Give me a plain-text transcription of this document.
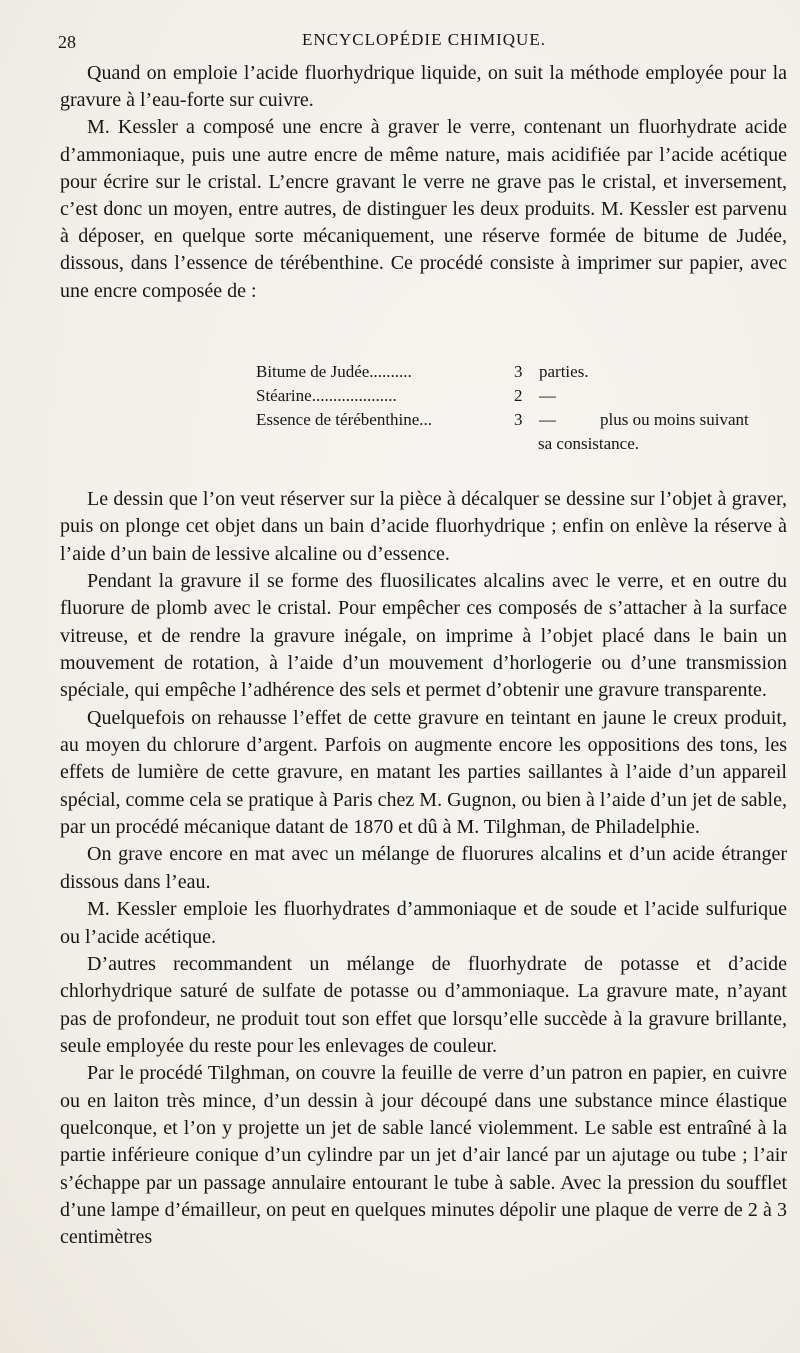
28	ENCYCLOPÉDIE CHIMIQUE.

Quand on emploie l’acide fluorhydrique liquide, on suit la méthode employée pour la gravure à l’eau-forte sur cuivre.

M. Kessler a composé une encre à graver le verre, contenant un fluorhydrate acide d’ammoniaque, puis une autre encre de même nature, mais acidifiée par l’acide acétique pour écrire sur le cristal. L’encre gravant le verre ne grave pas le cristal, et inversement, c’est donc un moyen, entre autres, de distinguer les deux produits. M. Kessler est parvenu à déposer, en quelque sorte mécaniquement, une réserve formée de bitume de Judée, dissous, dans l’essence de térébenthine. Ce procédé consiste à imprimer sur papier, avec une encre composée de :

Bitume de Judée..........	3 parties.
Stéarine....................	2 —
Essence de térébenthine...	3 —	plus ou moins suivant
sa consistance.

Le dessin que l’on veut réserver sur la pièce à décalquer se dessine sur l’objet à graver, puis on plonge cet objet dans un bain d’acide fluorhydrique ; enfin on enlève la réserve à l’aide d’un bain de lessive alcaline ou d’essence.

Pendant la gravure il se forme des fluosilicates alcalins avec le verre, et en outre du fluorure de plomb avec le cristal. Pour empêcher ces composés de s’attacher à la surface vitreuse, et de rendre la gravure inégale, on imprime à l’objet placé dans le bain un mouvement de rotation, à l’aide d’un mouvement d’horlogerie ou d’une transmission spéciale, qui empêche l’adhérence des sels et permet d’obtenir une gravure transparente.

Quelquefois on rehausse l’effet de cette gravure en teintant en jaune le creux produit, au moyen du chlorure d’argent. Parfois on augmente encore les oppositions des tons, les effets de lumière de cette gravure, en matant les parties saillantes à l’aide d’un appareil spécial, comme cela se pratique à Paris chez M. Gugnon, ou bien à l’aide d’un jet de sable, par un procédé mécanique datant de 1870 et dû à M. Tilghman, de Philadelphie.

On grave encore en mat avec un mélange de fluorures alcalins et d’un acide étranger dissous dans l’eau.

M. Kessler emploie les fluorhydrates d’ammoniaque et de soude et l’acide sulfurique ou l’acide acétique.

D’autres recommandent un mélange de fluorhydrate de potasse et d’acide chlorhydrique saturé de sulfate de potasse ou d’ammoniaque. La gravure mate, n’ayant pas de profondeur, ne produit tout son effet que lorsqu’elle succède à la gravure brillante, seule employée du reste pour les enlevages de couleur.

Par le procédé Tilghman, on couvre la feuille de verre d’un patron en papier, en cuivre ou en laiton très mince, d’un dessin à jour découpé dans une substance mince élastique quelconque, et l’on y projette un jet de sable lancé violemment. Le sable est entraîné à la partie inférieure conique d’un cylindre par un jet d’air lancé par un ajutage ou tube ; l’air s’échappe par un passage annulaire entourant le tube à sable. Avec la pression du soufflet d’une lampe d’émailleur, on peut en quelques minutes dépolir une plaque de verre de 2 à 3 centimètres
